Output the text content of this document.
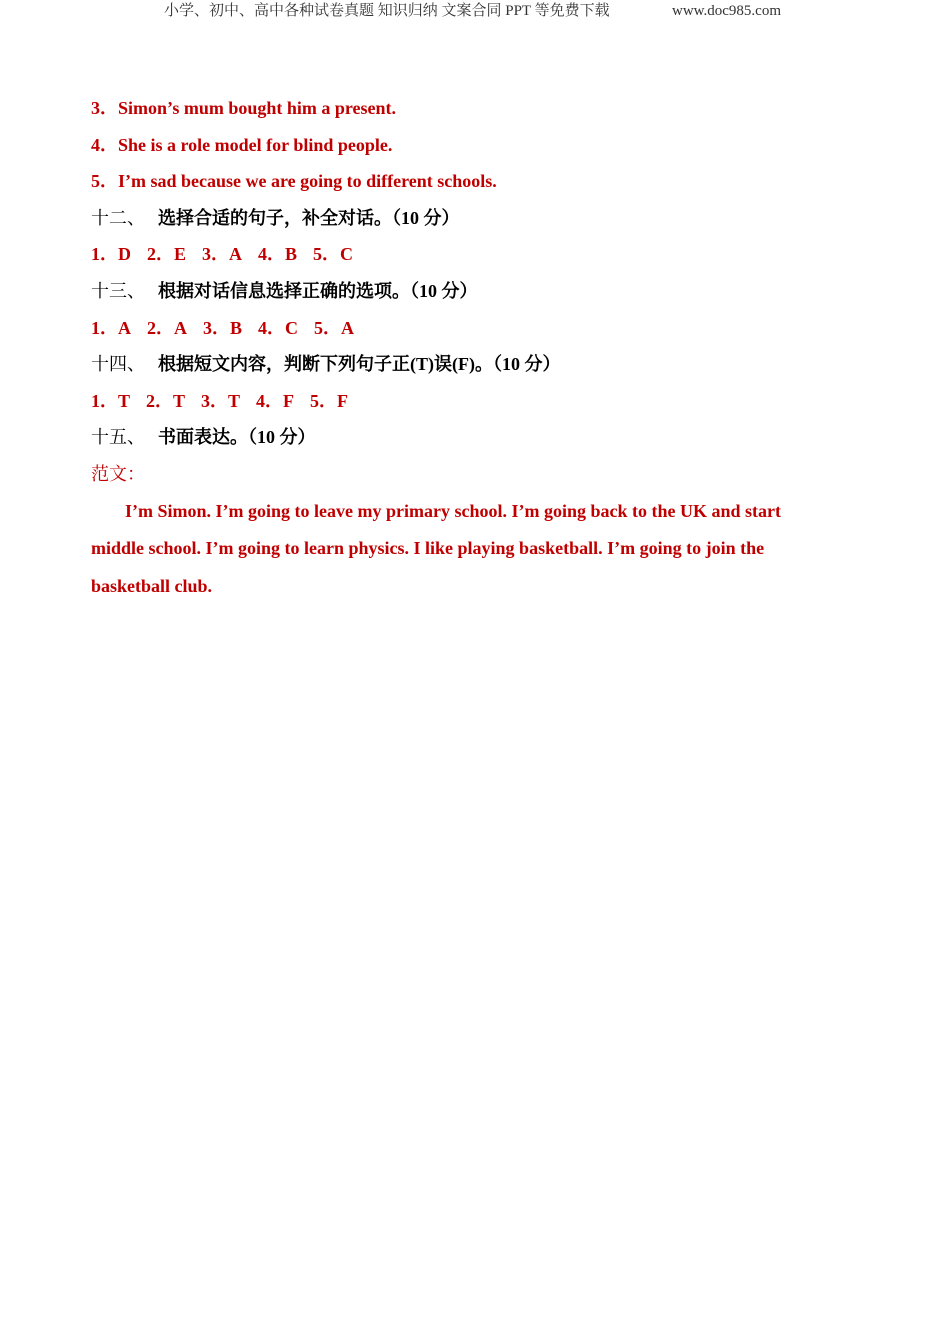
小学、初中、高中各种试卷真题 知识归纳 文案合同 PPT 等免费下载	www.doc985.com
3．Simon’s mum bought him a present.
4．She is a role model for blind people.
5．I’m sad because we are going to different schools.
十二、 选择合适的句子，补全对话。（10 分）
1．D 2．E 3．A 4．B 5．C
十三、 根据对话信息选择正确的选项。（10 分）
1．A 2．A 3．B 4．C 5．A
十四、 根据短文内容，判断下列句子正(T)误(F)。（10 分）
1．T 2．T 3．T 4．F 5．F
十五、 书面表达。（10 分）
范文：
I’m Simon. I’m going to leave my primary school. I’m going back to the UK and start middle school. I’m going to learn physics. I like playing basketball. I’m going to join the basketball club.
